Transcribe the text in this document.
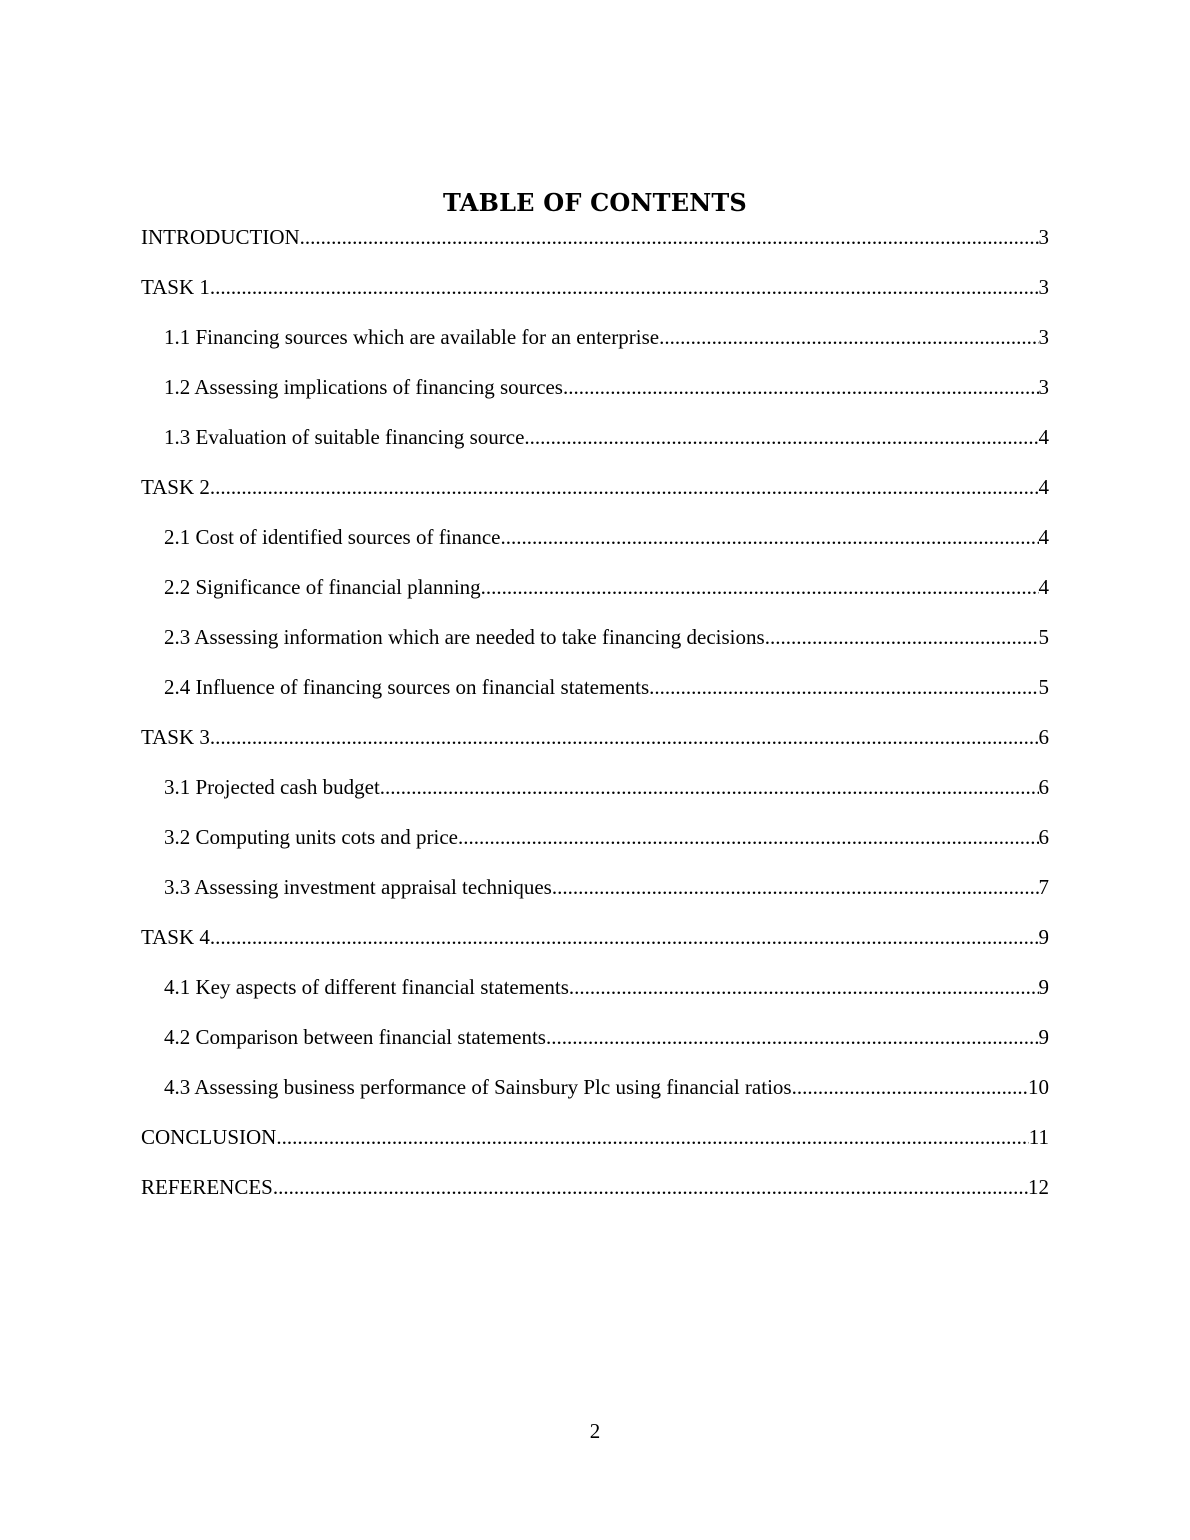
TABLE OF CONTENTS
INTRODUCTION .....	3
TASK 1 .....	3
1.1 Financing sources which are available for an enterprise .....	3
1.2 Assessing implications of financing sources .....	3
1.3 Evaluation of suitable financing source .....	4
TASK 2 .....	4
2.1 Cost of identified sources of finance .....	4
2.2 Significance of financial planning .....	4
2.3 Assessing information which are needed to take financing decisions .....	5
2.4 Influence of financing sources on financial statements .....	5
TASK 3 .....	6
3.1 Projected cash budget .....	6
3.2 Computing units cots and price .....	6
3.3 Assessing investment appraisal techniques .....	7
TASK 4 .....	9
4.1 Key aspects of different financial statements .....	9
4.2 Comparison between financial statements .....	9
4.3 Assessing business performance of Sainsbury Plc using financial ratios .....	10
CONCLUSION .....	11
REFERENCES .....	12
2
